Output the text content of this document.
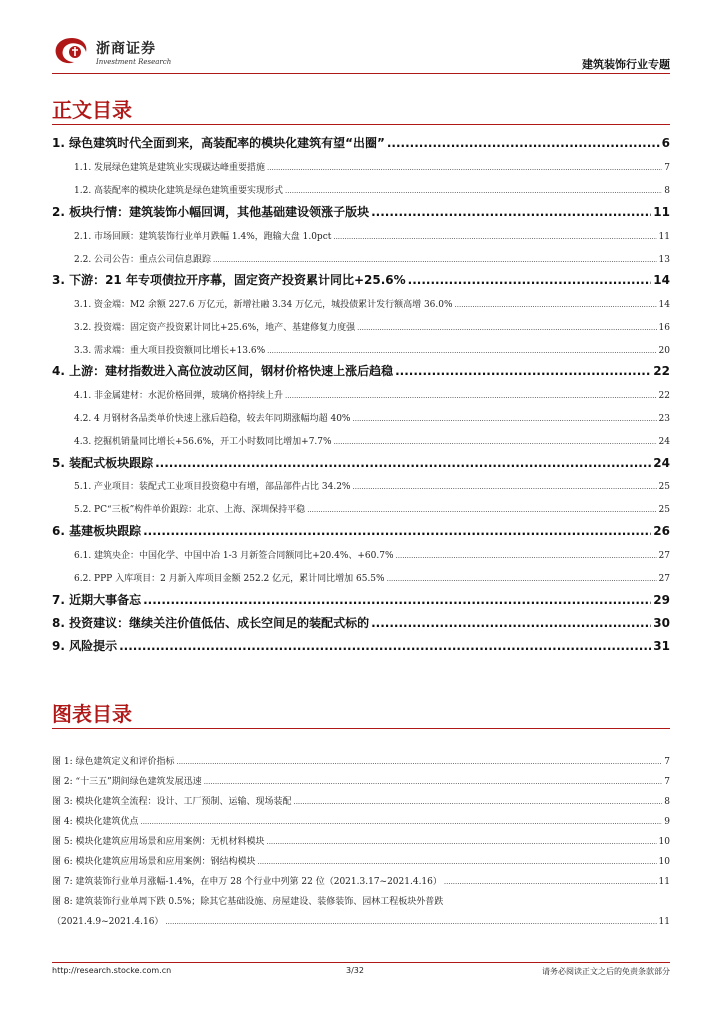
浙商证券
Investment Research	建筑装饰行业专题
正文目录
1. 绿色建筑时代全面到来，高装配率的模块化建筑有望“出圈” .....	6
1.1. 发展绿色建筑是建筑业实现碳达峰重要措施 .....	7
1.2. 高装配率的模块化建筑是绿色建筑重要实现形式 .....	8
2. 板块行情：建筑装饰小幅回调，其他基础建设领涨子版块 .....	11
2.1. 市场回顾：建筑装饰行业单月跌幅 1.4%，跑输大盘 1.0pct .....	11
2.2. 公司公告：重点公司信息跟踪 .....	13
3. 下游：21 年专项债拉开序幕，固定资产投资累计同比+25.6% .....	14
3.1. 资金端：M2 余额 227.6 万亿元，新增社融 3.34 万亿元，城投债累计发行额高增 36.0% .....	14
3.2. 投资端：固定资产投资累计同比+25.6%，地产、基建修复力度强 .....	16
3.3. 需求端：重大项目投资额同比增长+13.6% .....	20
4. 上游：建材指数进入高位波动区间，钢材价格快速上涨后趋稳 .....	22
4.1. 非金属建材：水泥价格回弹，玻璃价格持续上升 .....	22
4.2. 4 月钢材各品类单价快速上涨后趋稳，较去年同期涨幅均超 40% .....	23
4.3. 挖掘机销量同比增长+56.6%，开工小时数同比增加+7.7% .....	24
5. 装配式板块跟踪 .....	24
5.1. 产业项目：装配式工业项目投资稳中有增，部品部件占比 34.2% .....	25
5.2. PC“三板”构件单价跟踪：北京、上海、深圳保持平稳 .....	25
6. 基建板块跟踪 .....	26
6.1. 建筑央企：中国化学、中国中冶 1-3 月新签合同额同比+20.4%、+60.7% .....	27
6.2. PPP 入库项目：2 月新入库项目金额 252.2 亿元，累计同比增加 65.5% .....	27
7. 近期大事备忘 .....	29
8. 投资建议：继续关注价值低估、成长空间足的装配式标的 .....	30
9. 风险提示 .....	31
图表目录
图 1: 绿色建筑定义和评价指标 .....	7
图 2: “十三五”期间绿色建筑发展迅速 .....	7
图 3: 模块化建筑全流程：设计、工厂预制、运输、现场装配 .....	8
图 4: 模块化建筑优点 .....	9
图 5: 模块化建筑应用场景和应用案例：无机材料模块 .....	10
图 6: 模块化建筑应用场景和应用案例：钢结构模块 .....	10
图 7: 建筑装饰行业单月涨幅-1.4%，在申万 28 个行业中列第 22 位（2021.3.17~2021.4.16） .....	11
图 8: 建筑装饰行业单周下跌 0.5%；除其它基础设施、房屋建设、装修装饰、园林工程板块外普跌
（2021.4.9~2021.4.16） .....	11
http://research.stocke.com.cn	3/32	请务必阅读正文之后的免责条款部分
